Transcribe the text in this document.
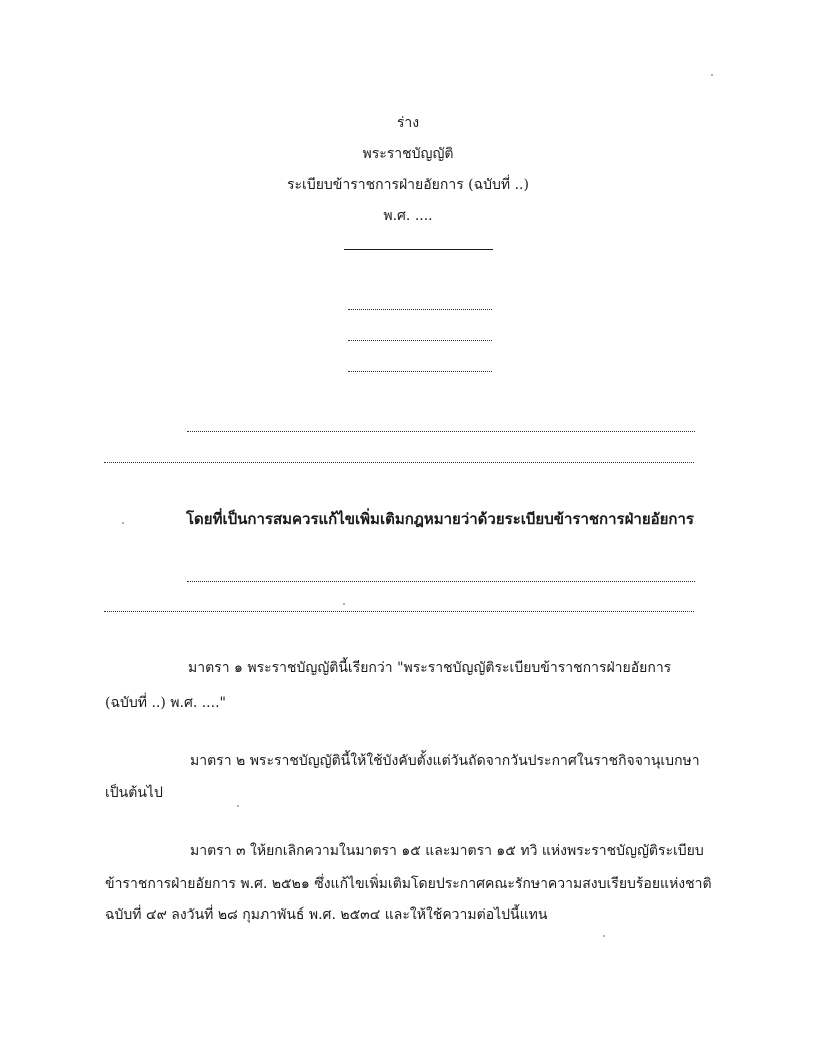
ร่าง
พระราชบัญญัติ
ระเบียบข้าราชการฝ่ายอัยการ (ฉบับที่ ..)
พ.ศ. ....
โดยที่เป็นการสมควรแก้ไขเพิ่มเติมกฎหมายว่าด้วยระเบียบข้าราชการฝ่ายอัยการ
มาตรา ๑ พระราชบัญญัตินี้เรียกว่า "พระราชบัญญัติระเบียบข้าราชการฝ่ายอัยการ
(ฉบับที่ ..) พ.ศ. ...."
มาตรา ๒ พระราชบัญญัตินี้ให้ใช้บังคับตั้งแต่วันถัดจากวันประกาศในราชกิจจานุเบกษา
เป็นต้นไป
มาตรา ๓ ให้ยกเลิกความในมาตรา ๑๕ และมาตรา ๑๕ ทวิ แห่งพระราชบัญญัติระเบียบ
ข้าราชการฝ่ายอัยการ พ.ศ. ๒๕๒๑ ซึ่งแก้ไขเพิ่มเติมโดยประกาศคณะรักษาความสงบเรียบร้อยแห่งชาติ
ฉบับที่ ๔๙ ลงวันที่ ๒๘ กุมภาพันธ์ พ.ศ. ๒๕๓๔ และให้ใช้ความต่อไปนี้แทน
